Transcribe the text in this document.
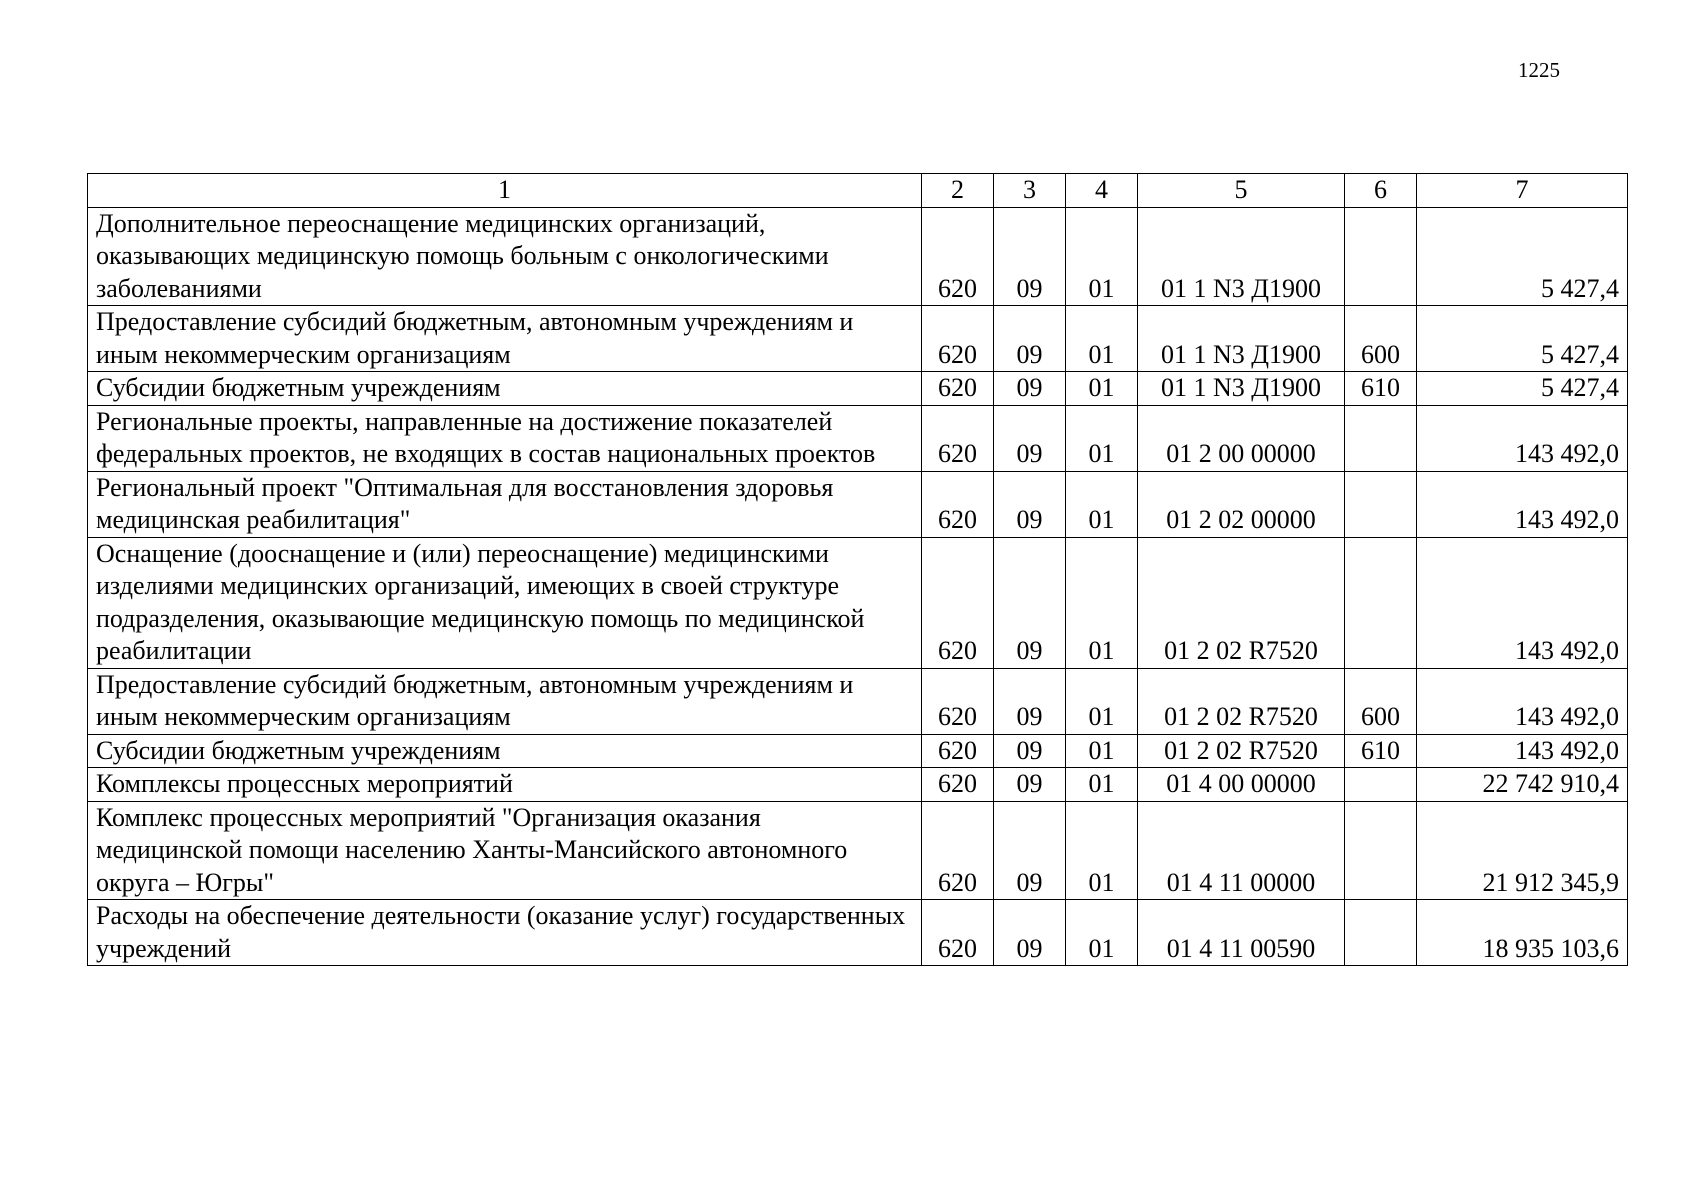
1225
1	2	3	4	5	6	7
Дополнительное переоснащение медицинских организаций, оказывающих медицинскую помощь больным с онкологическими заболеваниями	620	09	01	01 1 N3 Д1900		5 427,4
Предоставление субсидий бюджетным, автономным учреждениям и иным некоммерческим организациям	620	09	01	01 1 N3 Д1900	600	5 427,4
Субсидии бюджетным учреждениям	620	09	01	01 1 N3 Д1900	610	5 427,4
Региональные проекты, направленные на достижение показателей федеральных проектов, не входящих в состав национальных проектов	620	09	01	01 2 00 00000		143 492,0
Региональный проект "Оптимальная для восстановления здоровья медицинская реабилитация"	620	09	01	01 2 02 00000		143 492,0
Оснащение (дооснащение и (или) переоснащение) медицинскими изделиями медицинских организаций, имеющих в своей структуре подразделения, оказывающие медицинскую помощь по медицинской реабилитации	620	09	01	01 2 02 R7520		143 492,0
Предоставление субсидий бюджетным, автономным учреждениям и иным некоммерческим организациям	620	09	01	01 2 02 R7520	600	143 492,0
Субсидии бюджетным учреждениям	620	09	01	01 2 02 R7520	610	143 492,0
Комплексы процессных мероприятий	620	09	01	01 4 00 00000		22 742 910,4
Комплекс процессных мероприятий "Организация оказания медицинской помощи населению Ханты-Мансийского автономного округа – Югры"	620	09	01	01 4 11 00000		21 912 345,9
Расходы на обеспечение деятельности (оказание услуг) государственных учреждений	620	09	01	01 4 11 00590		18 935 103,6
